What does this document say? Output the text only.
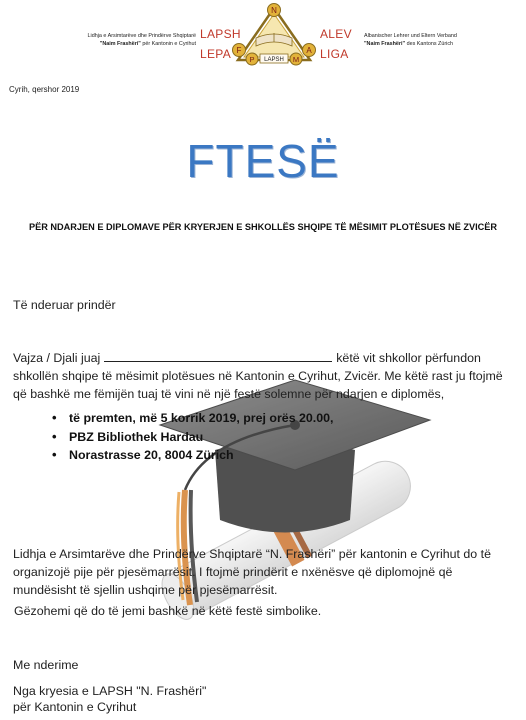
Lidhja e Arsimtarëve dhe Prindërve Shqiptarë
"Naim Frashëri" për Kantonin e Cyrihut
LAPSH	ALEV
LEPA	LIGA
Albanischer Lehrer und Eltern Verband
"Naim Frashëri" des Kantons Zürich
LAPSH
N
F	A
P	M
Cyrih, qershor 2019
FTESË
PËR NDARJEN E DIPLOMAVE PËR KRYERJEN E SHKOLLËS SHQIPE TË MËSIMIT PLOTËSUES NË ZVICËR
Të nderuar prindër
Vajza / Djali juaj	këtë vit shkollor përfundon shkollën shqipe të mësimit plotësues në Kantonin e Cyrihut, Zvicër. Me këtë rast ju ftojmë që bashkë me fëmijën tuaj të vini në një festë solemne për ndarjen e diplomës,
• të premten, më 5 korrik 2019, prej orës 20.00,
• PBZ Bibliothek Hardau
• Norastrasse 20, 8004 Zürich
Lidhja e Arsimtarëve dhe Prindërve Shqiptarë “N. Frashëri” për kantonin e Cyrihut do të organizojë pije për pjesëmarrësit. I ftojmë prindërit e nxënësve që diplomojnë që mundësisht të sjellin ushqime për pjesëmarrësit.
Gëzohemi që do të jemi bashkë në këtë festë simbolike.
Me nderime
Nga kryesia e LAPSH "N. Frashëri"
për Kantonin e Cyrihut
